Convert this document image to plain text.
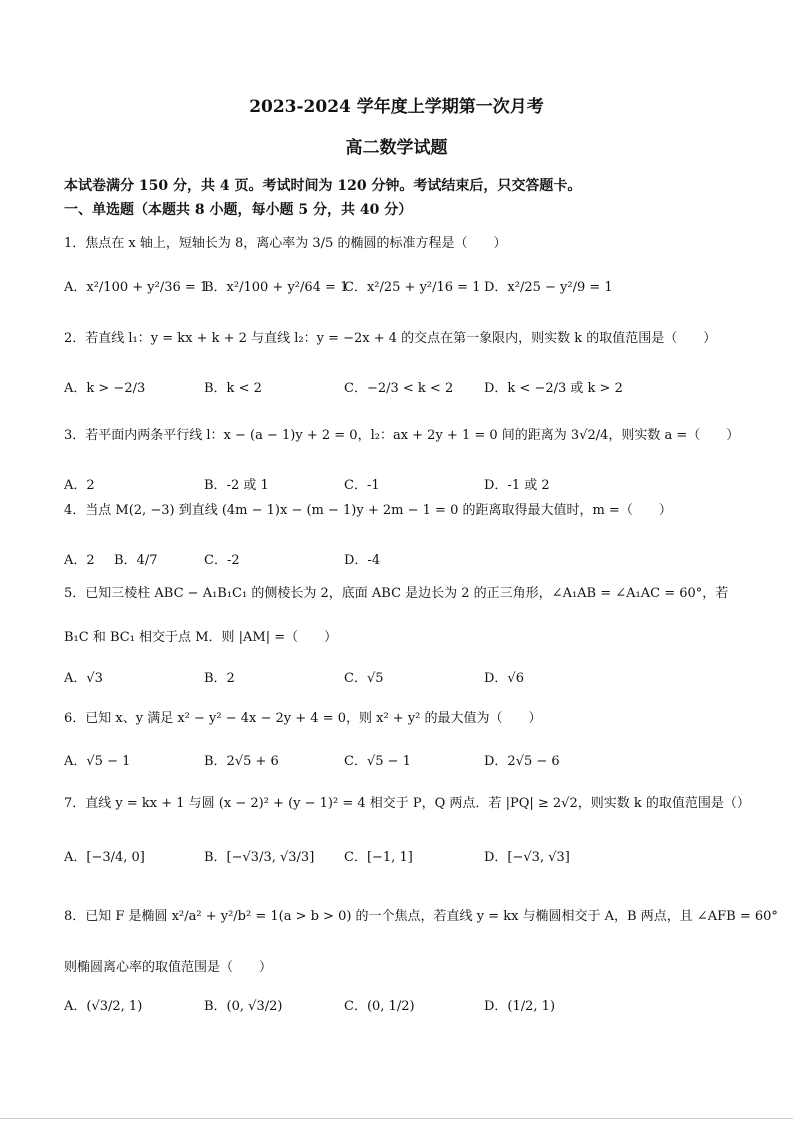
2023-2024 学年度上学期第一次月考
高二数学试题
本试卷满分 150 分，共 4 页。考试时间为 120 分钟。考试结束后，只交答题卡。
一、单选题（本题共 8 小题，每小题 5 分，共 40 分）
1．焦点在 x 轴上，短轴长为 8，离心率为 3/5 的椭圆的标准方程是（　　）
A．x²/100 + y²/36 = 1
B．x²/100 + y²/64 = 1
C．x²/25 + y²/16 = 1 D．x²/25 − y²/9 = 1
2．若直线 l₁：y = kx + k + 2 与直线 l₂：y = −2x + 4 的交点在第一象限内，则实数 k 的取值范围是（　　）
A．k > −2/3	B．k < 2	C．−2/3 < k < 2 D．k < −2/3 或 k > 2
3．若平面内两条平行线 l：x − (a − 1)y + 2 = 0，l₂：ax + 2y + 1 = 0 间的距离为 3√2/4，则实数 a =（　　）
A．2	B．-2 或 1	C．-1	D．-1 或 2
4．当点 M(2, −3) 到直线 (4m − 1)x − (m − 1)y + 2m − 1 = 0 的距离取得最大值时，m =（　　）
A．2 B．4/7	C．-2	D．-4
5．已知三棱柱 ABC − A₁B₁C₁ 的侧棱长为 2，底面 ABC 是边长为 2 的正三角形，∠A₁AB = ∠A₁AC = 60°，若
B₁C 和 BC₁ 相交于点 M．则 |AM| =（　　）
A．√3	B．2	C．√5	D．√6
6．已知 x、y 满足 x² − y² − 4x − 2y + 4 = 0，则 x² + y² 的最大值为（　　）
A．√5 − 1	B．2√5 + 6	C．√5 − 1	D．2√5 − 6
7．直线 y = kx + 1 与圆 (x − 2)² + (y − 1)² = 4 相交于 P，Q 两点．若 |PQ| ≥ 2√2，则实数 k 的取值范围是（）
A．[−3/4, 0]	B．[−√3/3, √3/3] C．[−1, 1]	D．[−√3, √3]
8．已知 F 是椭圆 x²/a² + y²/b² = 1(a > b > 0) 的一个焦点，若直线 y = kx 与椭圆相交于 A，B 两点，且 ∠AFB = 60°
则椭圆离心率的取值范围是（　　）
A．(√3/2, 1)	B．(0, √3/2)	C．(0, 1/2)	D．(1/2, 1)
